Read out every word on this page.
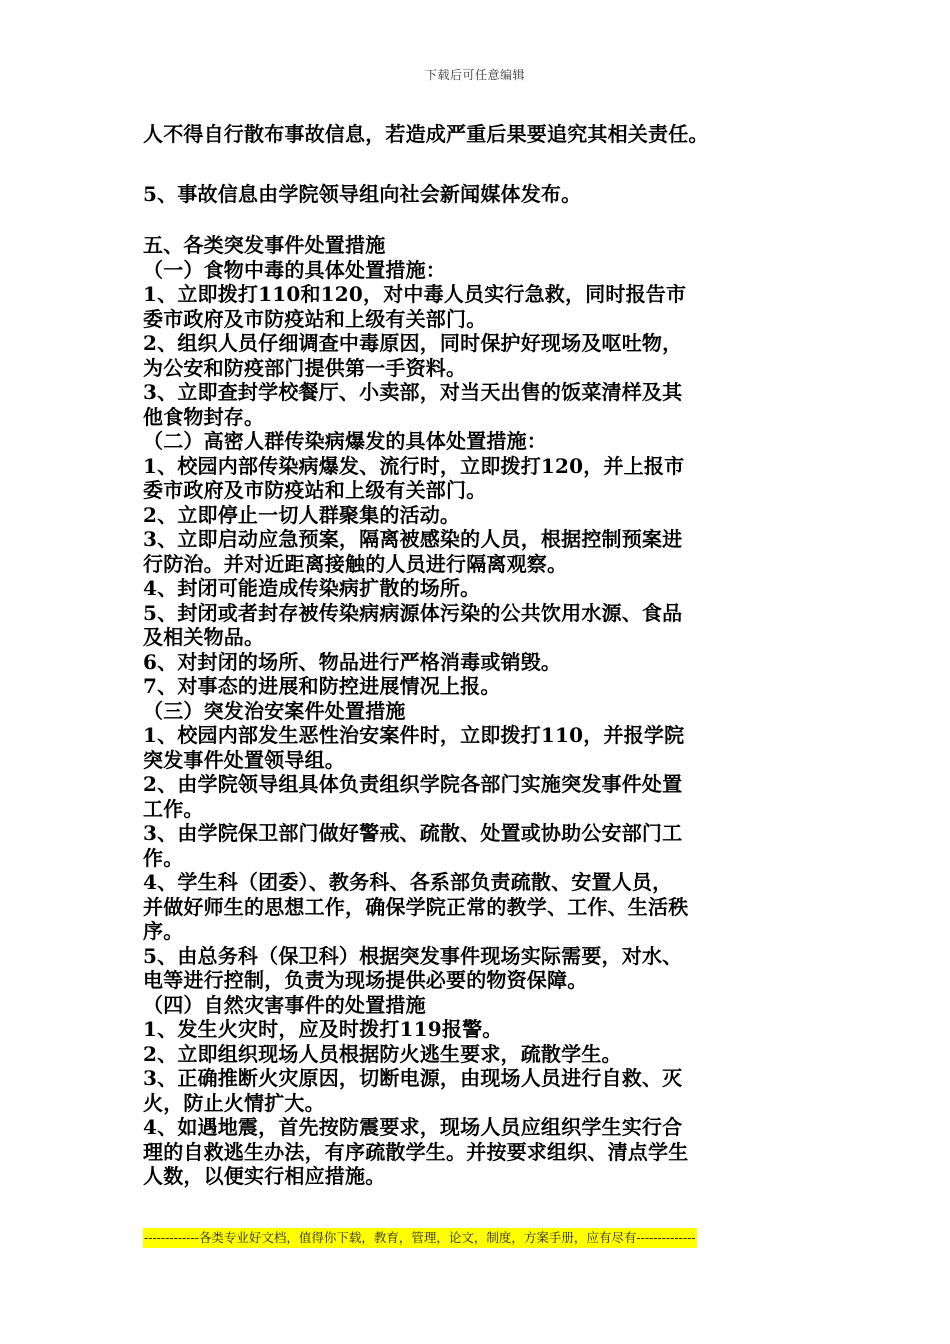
下载后可任意编辑
人不得自行散布事故信息，若造成严重后果要追究其相关责任。
5、事故信息由学院领导组向社会新闻媒体发布。
五、各类突发事件处置措施
（一）食物中毒的具体处置措施：
1、立即拨打110和120，对中毒人员实行急救，同时报告市
委市政府及市防疫站和上级有关部门。
2、组织人员仔细调查中毒原因，同时保护好现场及呕吐物，
为公安和防疫部门提供第一手资料。
3、立即查封学校餐厅、小卖部，对当天出售的饭菜清样及其
他食物封存。
（二）高密人群传染病爆发的具体处置措施：
1、校园内部传染病爆发、流行时，立即拨打120，并上报市
委市政府及市防疫站和上级有关部门。
2、立即停止一切人群聚集的活动。
3、立即启动应急预案，隔离被感染的人员，根据控制预案进
行防治。并对近距离接触的人员进行隔离观察。
4、封闭可能造成传染病扩散的场所。
5、封闭或者封存被传染病病源体污染的公共饮用水源、食品
及相关物品。
6、对封闭的场所、物品进行严格消毒或销毁。
7、对事态的进展和防控进展情况上报。
（三）突发治安案件处置措施
1、校园内部发生恶性治安案件时，立即拨打110，并报学院
突发事件处置领导组。
2、由学院领导组具体负责组织学院各部门实施突发事件处置
工作。
3、由学院保卫部门做好警戒、疏散、处置或协助公安部门工
作。
4、学生科（团委）、教务科、各系部负责疏散、安置人员，
并做好师生的思想工作，确保学院正常的教学、工作、生活秩
序。
5、由总务科（保卫科）根据突发事件现场实际需要，对水、
电等进行控制，负责为现场提供必要的物资保障。
（四）自然灾害事件的处置措施
1、发生火灾时，应及时拨打119报警。
2、立即组织现场人员根据防火逃生要求，疏散学生。
3、正确推断火灾原因，切断电源，由现场人员进行自救、灭
火，防止火情扩大。
4、如遇地震，首先按防震要求，现场人员应组织学生实行合
理的自救逃生办法，有序疏散学生。并按要求组织、清点学生
人数，以便实行相应措施。
-------------各类专业好文档，值得你下载，教育，管理，论文，制度，方案手册，应有尽有--------------
